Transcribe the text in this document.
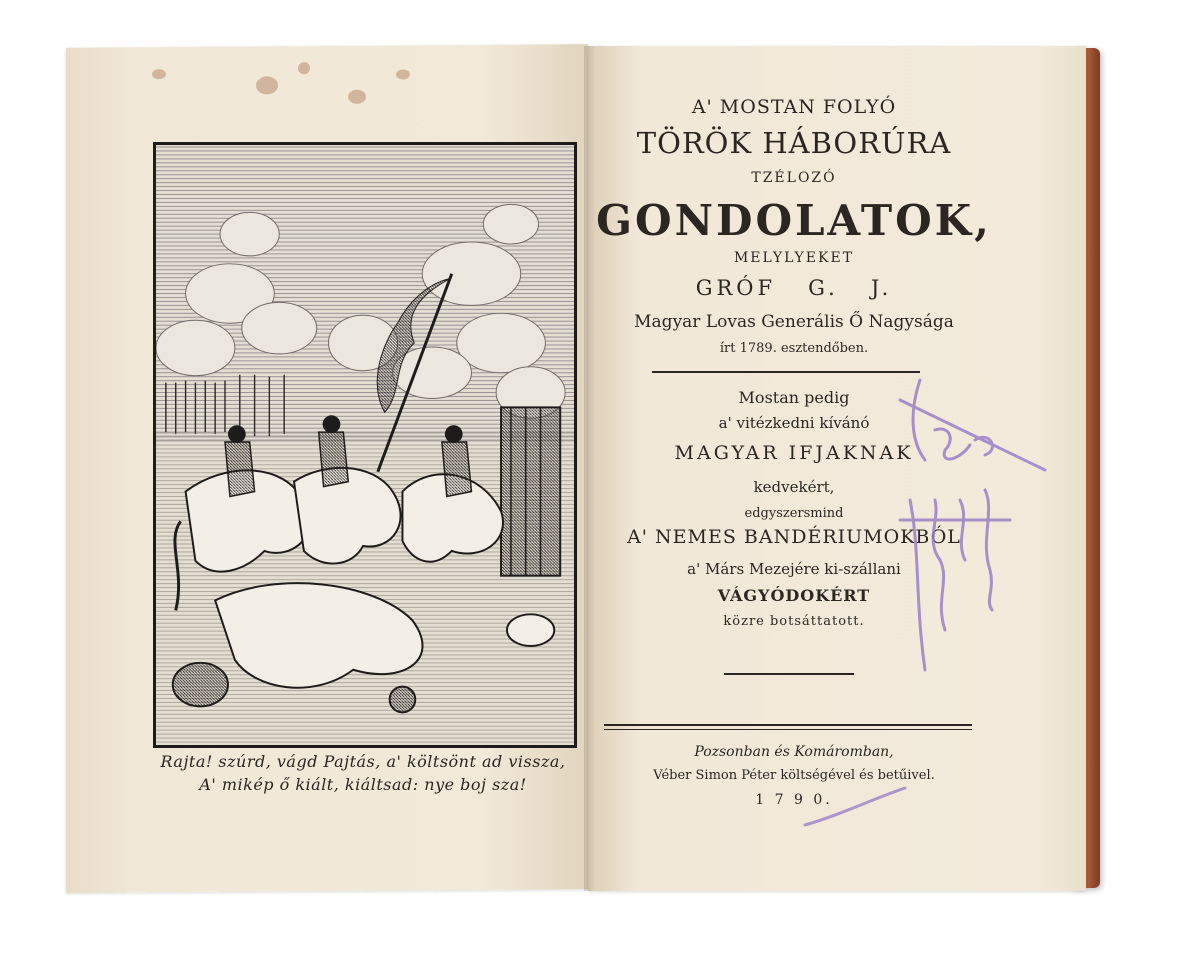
Rajta! szúrd, vágd Pajtás, a' költsönt ad vissza,
A' mikép ő kiált, kiáltsad: nye boj sza!
A' MOSTAN FOLYÓ
TÖRÖK HÁBORÚRA
TZÉLOZÓ
GONDOLATOK,
MELYLYEKET
GRÓF   G.   J.
Magyar Lovas Generális Ő Nagysága
írt 1789. esztendőben.
Mostan pedig
a' vitézkedni kívánó
MAGYAR IFJAKNAK
kedvekért,
edgyszersmind
A' NEMES BANDÉRIUMOKBÓL
a' Márs Mezejére ki-szállani
VÁGYÓDOKÉRT
közre botsáttatott.
Pozsonban és Komáromban,
Véber Simon Péter költségével és betűivel.
1 7 9 0.
